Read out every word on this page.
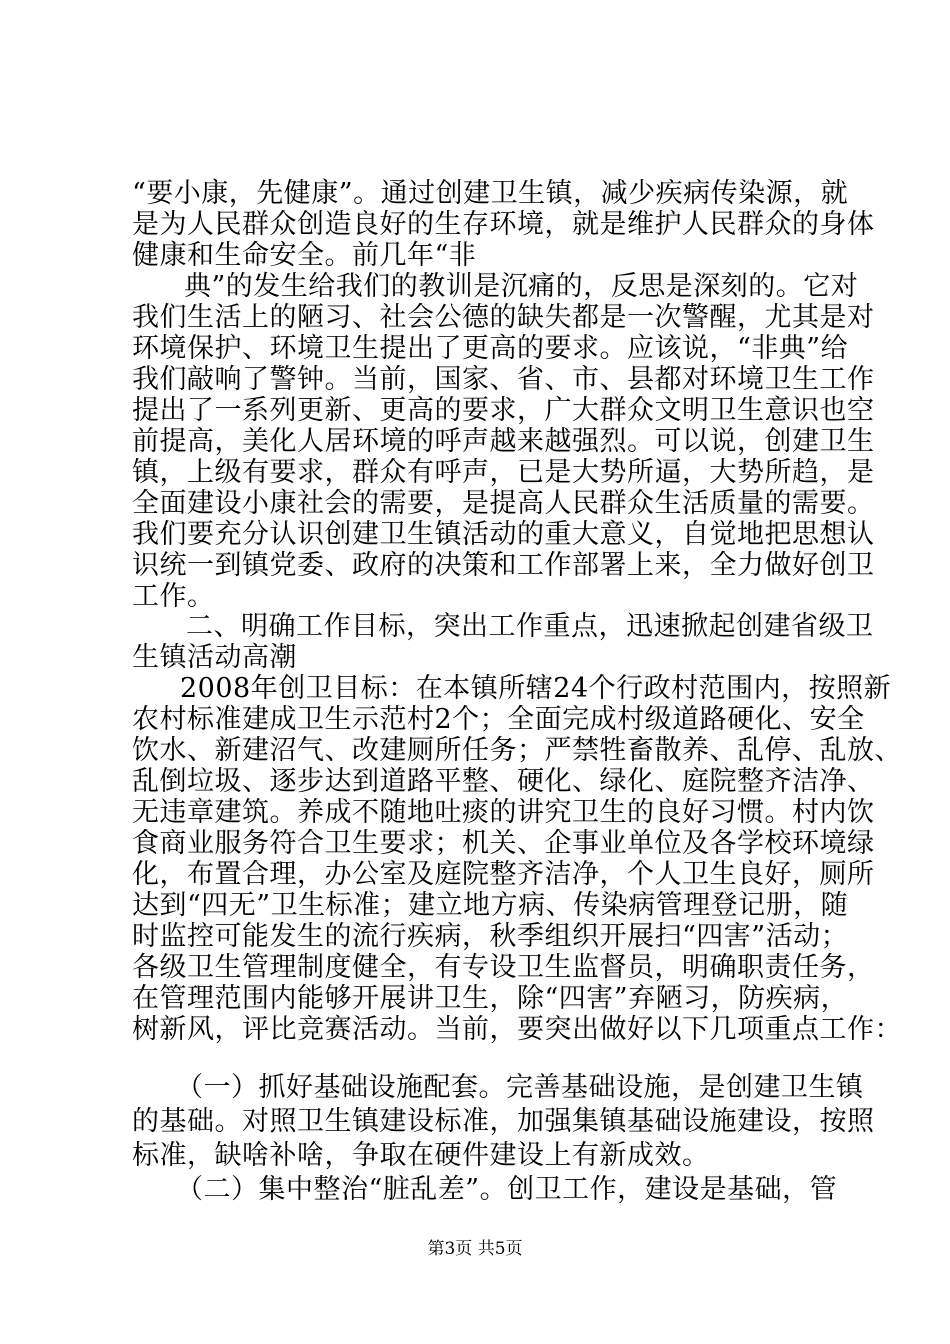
“要小康，先健康”。通过创建卫生镇，减少疾病传染源，就
是为人民群众创造良好的生存环境，就是维护人民群众的身体
健康和生命安全。前几年“非
典”的发生给我们的教训是沉痛的，反思是深刻的。它对
我们生活上的陋习、社会公德的缺失都是一次警醒，尤其是对
环境保护、环境卫生提出了更高的要求。应该说，“非典”给
我们敲响了警钟。当前，国家、省、市、县都对环境卫生工作
提出了一系列更新、更高的要求，广大群众文明卫生意识也空
前提高，美化人居环境的呼声越来越强烈。可以说，创建卫生
镇，上级有要求，群众有呼声，已是大势所逼，大势所趋，是
全面建设小康社会的需要，是提高人民群众生活质量的需要。
我们要充分认识创建卫生镇活动的重大意义，自觉地把思想认
识统一到镇党委、政府的决策和工作部署上来，全力做好创卫
工作。
二、明确工作目标，突出工作重点，迅速掀起创建省级卫
生镇活动高潮
2008年创卫目标：在本镇所辖24个行政村范围内，按照新
农村标准建成卫生示范村2个；全面完成村级道路硬化、安全
饮水、新建沼气、改建厕所任务；严禁牲畜散养、乱停、乱放、
乱倒垃圾、逐步达到道路平整、硬化、绿化、庭院整齐洁净、
无违章建筑。养成不随地吐痰的讲究卫生的良好习惯。村内饮
食商业服务符合卫生要求；机关、企事业单位及各学校环境绿
化，布置合理，办公室及庭院整齐洁净，个人卫生良好，厕所
达到“四无”卫生标准；建立地方病、传染病管理登记册，随
时监控可能发生的流行疾病，秋季组织开展扫“四害”活动；
各级卫生管理制度健全，有专设卫生监督员，明确职责任务，
在管理范围内能够开展讲卫生，除“四害”弃陋习，防疾病，
树新风，评比竞赛活动。当前，要突出做好以下几项重点工作：
（一）抓好基础设施配套。完善基础设施，是创建卫生镇
的基础。对照卫生镇建设标准，加强集镇基础设施建设，按照
标准，缺啥补啥，争取在硬件建设上有新成效。
（二）集中整治“脏乱差”。创卫工作，建设是基础，管
第3页 共5页
